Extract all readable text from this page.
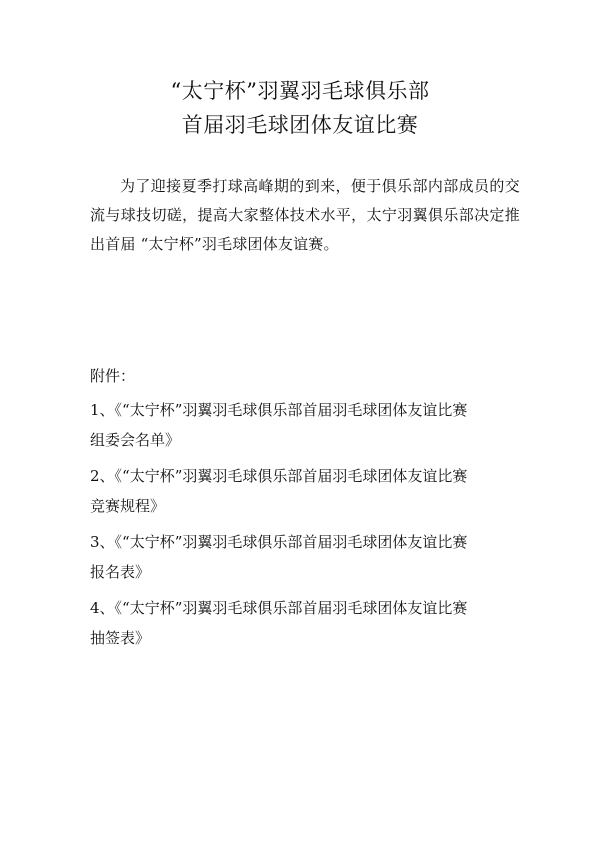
“太宁杯”羽翼羽毛球俱乐部
首届羽毛球团体友谊比赛

为了迎接夏季打球高峰期的到来，便于俱乐部内部成员的交流与球技切磋，提高大家整体技术水平，太宁羽翼俱乐部决定推出首届 “太宁杯”羽毛球团体友谊赛。

附件：
1、《“太宁杯”羽翼羽毛球俱乐部首届羽毛球团体友谊比赛
组委会名单》
2、《“太宁杯”羽翼羽毛球俱乐部首届羽毛球团体友谊比赛
竞赛规程》
3、《“太宁杯”羽翼羽毛球俱乐部首届羽毛球团体友谊比赛
报名表》
4、《“太宁杯”羽翼羽毛球俱乐部首届羽毛球团体友谊比赛
抽签表》
